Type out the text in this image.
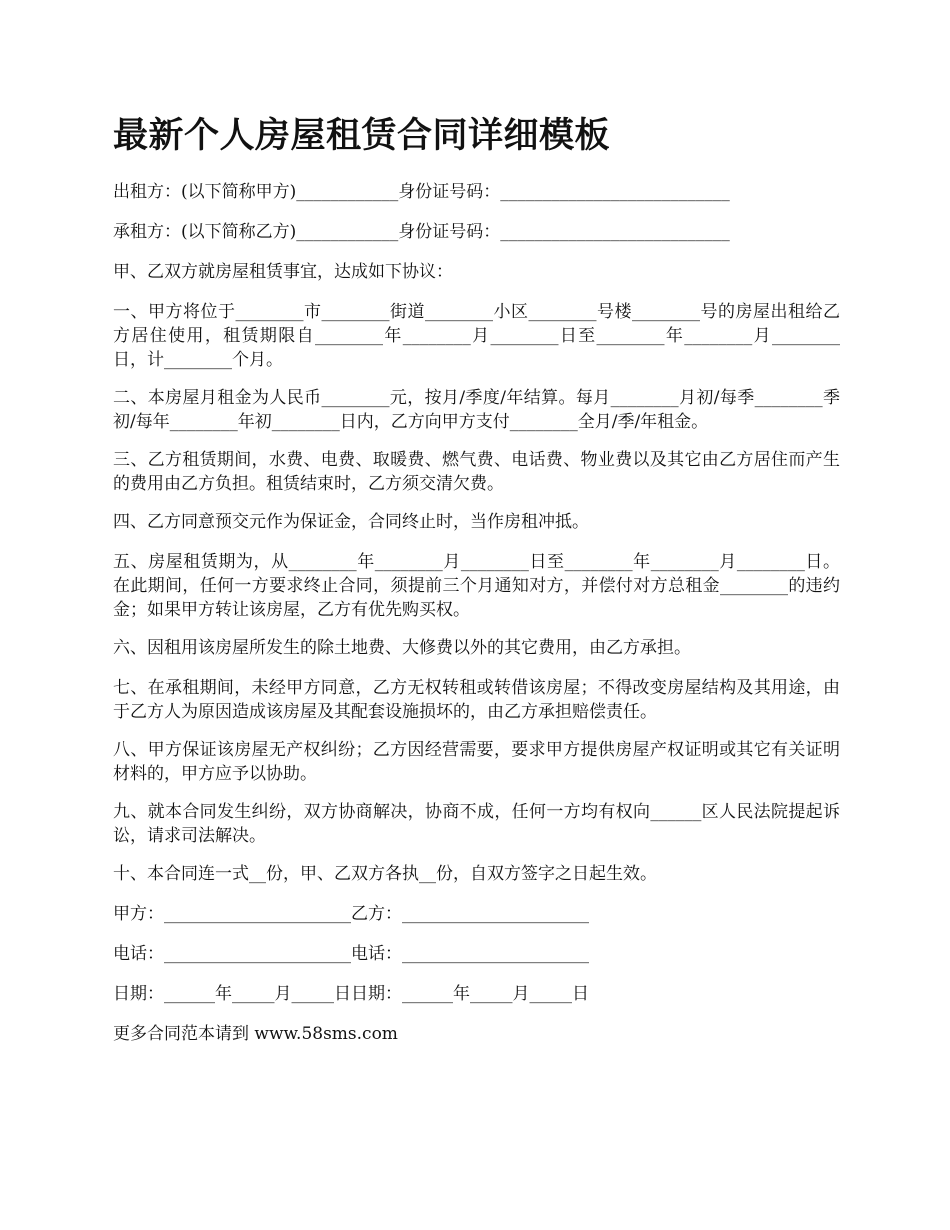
最新个人房屋租赁合同详细模板

出租方：(以下简称甲方)____________身份证号码：___________________________

承租方：(以下简称乙方)____________身份证号码：___________________________

甲、乙双方就房屋租赁事宜，达成如下协议：

一、甲方将位于________市________街道________小区________号楼________号的房屋出租给乙方居住使用，租赁期限自________年________月________日至________年________月________日，计________个月。

二、本房屋月租金为人民币________元，按月/季度/年结算。每月________月初/每季________季初/每年________年初________日内，乙方向甲方支付________全月/季/年租金。

三、乙方租赁期间，水费、电费、取暖费、燃气费、电话费、物业费以及其它由乙方居住而产生的费用由乙方负担。租赁结束时，乙方须交清欠费。

四、乙方同意预交元作为保证金，合同终止时，当作房租冲抵。

五、房屋租赁期为，从________年________月________日至________年________月________日。在此期间，任何一方要求终止合同，须提前三个月通知对方，并偿付对方总租金________的违约金；如果甲方转让该房屋，乙方有优先购买权。

六、因租用该房屋所发生的除土地费、大修费以外的其它费用，由乙方承担。

七、在承租期间，未经甲方同意，乙方无权转租或转借该房屋；不得改变房屋结构及其用途，由于乙方人为原因造成该房屋及其配套设施损坏的，由乙方承担赔偿责任。

八、甲方保证该房屋无产权纠纷；乙方因经营需要，要求甲方提供房屋产权证明或其它有关证明材料的，甲方应予以协助。

九、就本合同发生纠纷，双方协商解决，协商不成，任何一方均有权向______区人民法院提起诉讼，请求司法解决。

十、本合同连一式__份，甲、乙双方各执__份，自双方签字之日起生效。

甲方：______________________乙方：______________________

电话：______________________电话：______________________

日期：______年_____月_____日日期：______年_____月_____日

更多合同范本请到 www.58sms.com
